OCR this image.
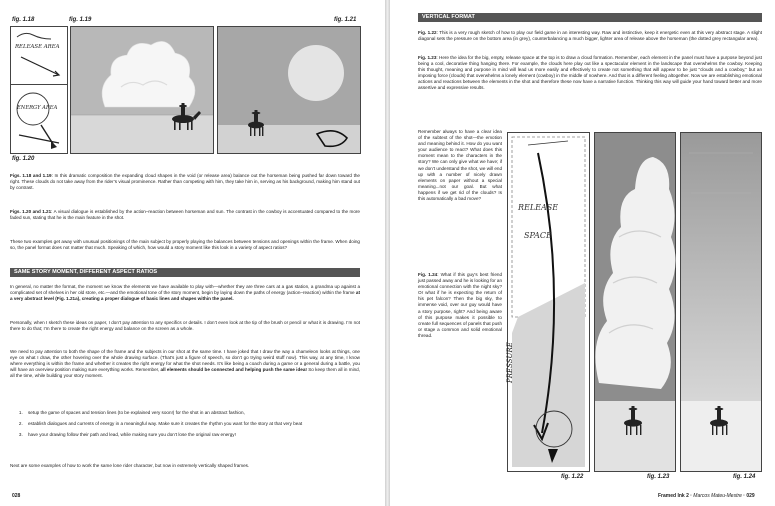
fig. 1.18	fig. 1.19	fig. 1.21
RELEASE AREA
ENERGY AREA
fig. 1.20
Figs. 1.18 and 1.19: In this dramatic composition the expanding cloud shapes in the void (or release area) balance out the horseman being pushed far down toward the right. These clouds do not take away from the rider’s visual prominence. Rather than competing with him, they take him in, serving as his background, making him stand out by contrast.
Figs. 1.20 and 1.21: A visual dialogue is established by the action–reaction between horseman and sun. The contrast in the cowboy is accentuated compared to the more faded sun, stating that he is the main feature in the shot.
These two examples get away with unusual positionings of the main subject by properly playing the balances between tensions and openings within the frame. When doing so, the panel format does not matter that much. Speaking of which, how would a story moment like this look in a variety of aspect ratios?
SAME STORY MOMENT, DIFFERENT ASPECT RATIOS
In general, no matter the format, the moment we know the elements we have available to play with—whether they are three cars at a gas station, a grandma up against a complicated set of shelves in her old store, etc.—and the emotional tone of the story moment, begin by laying down the paths of energy (action–reaction) within the frame at a very abstract level (Fig. 1.21a), creating a proper dialogue of basic lines and shapes within the panel.
Personally, when I sketch these ideas on paper, I don’t pay attention to any specifics or details. I don’t even look at the tip of the brush or pencil or what it is drawing. I’m not there to do that; I’m there to create the right energy and balance on the screen as a whole.
We need to pay attention to both the shape of the frame and the subjects in our shot at the same time. I have joked that I draw the way a chameleon looks at things, one eye on what I draw, the other hovering over the whole drawing surface. (That’s just a figure of speech, so don’t go trying weird stuff now). This way, at any time, I know where everything is within the frame and whether it creates the right energy for what the shot needs. It’s like being a coach during a game or a general during a battle, you will have an overview position making sure everything works. Remember, all elements should be connected and helping push the same idea! So keep them all in mind, all the time, while building your story moment.
1. setup the game of spaces and tension lines (to be explained very soon!) for the shot in an abstract fashion,
2. establish dialogues and currents of energy in a meaningful way. Make sure it creates the rhythm you want for the story at that very beat
3. have your drawing follow their path and lead, while making sure you don’t lose the original raw energy!
Next are some examples of how to work the same lone rider character, but now in extremely vertically shaped frames.
028
VERTICAL FORMAT
Fig. 1.22: This is a very rough sketch of how to play our field game in an interesting way. Raw and instinctive, keep it energetic even at this very abstract stage. A slight diagonal sets the pressure on the bottom area (in grey), counterbalancing a much bigger, lighter area of release above the horseman (the dotted grey rectangular area).
Fig. 1.23: Here the idea for the big, empty, release space at the top is to draw a cloud formation. Remember, each element in the panel must have a purpose beyond just being a cool, decorative thing hanging there. For example, the clouds here play out like a spectacular element in the landscape that overwhelms the cowboy. Keeping this thought, meaning and purpose in mind will lead us more easily and effectively to create not something that will appear to be just “clouds and a cowboy,” but an imposing force (clouds) that overwhelms a lonely element (cowboy) in the middle of nowhere. And that is a different feeling altogether. Now we are establishing emotional actions and reactions between the elements in the shot and therefore these now have a narrative function. Thinking this way will guide your hand toward better and more assertive and expressive results.
Remember always to have a clear idea of the subtext of the shot—the emotion and meaning behind it. How do you want your audience to react? What does this moment mean to the characters in the story? We can only give what we have; if we don’t understand the shot, we will end up with a number of nicely drawn elements on paper without a special meaning...not our goal. But what happens if we get rid of the clouds? Is this automatically a bad move?
Fig. 1.24: What if this guy’s best friend just passed away and he is looking for an emotional connection with the night sky? Or what if he is expecting the return of his pet falcon? Then the big sky, the immense void, over our guy would have a story purpose, right? And being aware of this purpose makes it possible to create full sequences of panels that push or stage a common and solid emotional thread.
RELEASE
SPACE
PRESSURE
fig. 1.22	fig. 1.23	fig. 1.24
Framed Ink 2 · Marcos Mateu-Mestre · 029
